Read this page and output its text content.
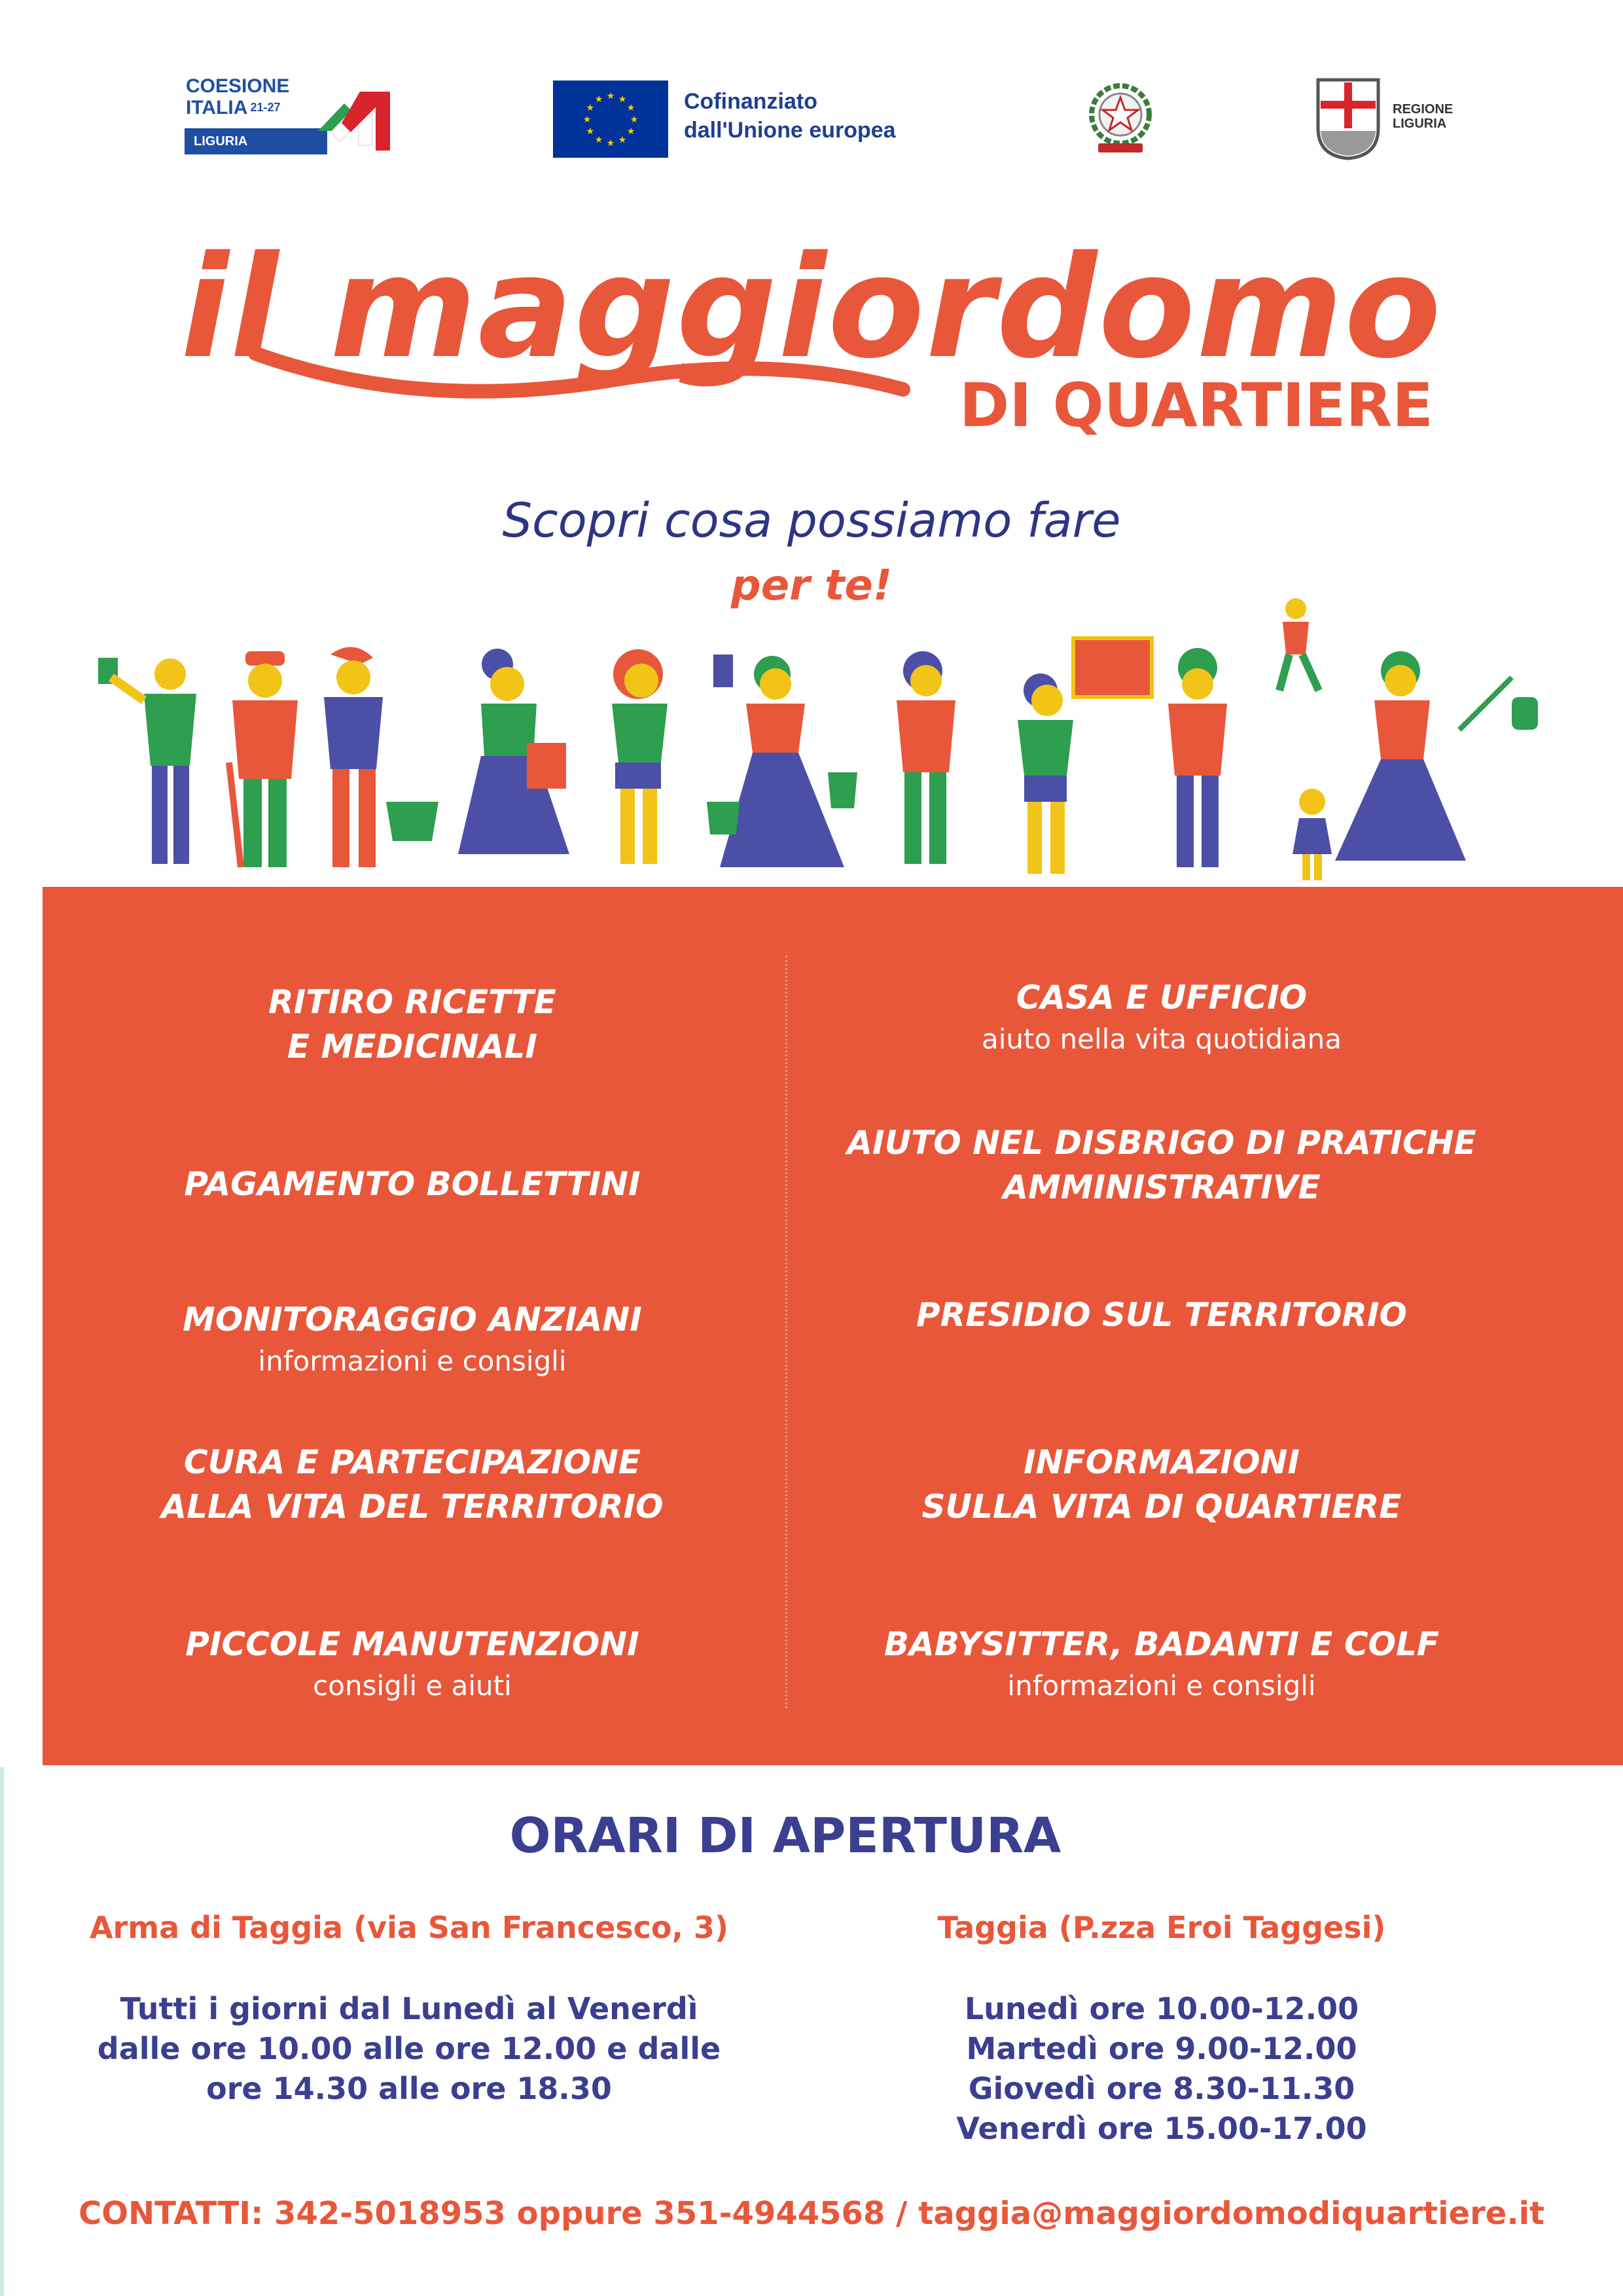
COESIONE
ITALIA 21-27
LIGURIA
★
★
★
★
★
★
★
★
★ ★ ★
★ Cofinanziato
dall'Unione europea
REGIONE
LIGURIA
il maggiordomo
DI QUARTIERE
Scopri cosa possiamo fare
per te!
RITIRO RICETTE
E MEDICINALI
PAGAMENTO BOLLETTINI
MONITORAGGIO ANZIANI
informazioni e consigli
CURA E PARTECIPAZIONE
ALLA VITA DEL TERRITORIO
PICCOLE MANUTENZIONI
consigli e aiuti
CASA E UFFICIO
aiuto nella vita quotidiana
AIUTO NEL DISBRIGO DI PRATICHE
AMMINISTRATIVE
PRESIDIO SUL TERRITORIO
INFORMAZIONI
SULLA VITA DI QUARTIERE
BABYSITTER, BADANTI E COLF
informazioni e consigli
ORARI DI APERTURA
Arma di Taggia (via San Francesco, 3)
Tutti i giorni dal Lunedì al Venerdì
dalle ore 10.00 alle ore 12.00 e dalle
ore 14.30 alle ore 18.30
Taggia (P.zza Eroi Taggesi)
Lunedì ore 10.00-12.00
Martedì ore 9.00-12.00
Giovedì ore 8.30-11.30
Venerdì ore 15.00-17.00
CONTATTI: 342-5018953 oppure 351-4944568 / taggia@maggiordomodiquartiere.it
